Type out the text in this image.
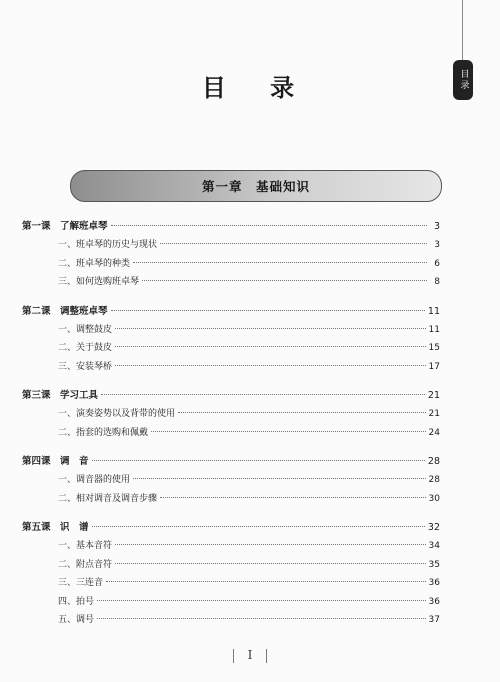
目录
目 录
第一章　基础知识
第一课　了解班卓琴	3
一、班卓琴的历史与现状	3
二、班卓琴的种类	6
三、如何选购班卓琴	8
第二课　调整班卓琴	11
一、调整鼓皮	11
二、关于鼓皮	15
三、安装琴桥	17
第三课　学习工具	21
一、演奏姿势以及背带的使用	21
二、指套的选购和佩戴	24
第四课　调　音	28
一、调音器的使用	28
二、相对调音及调音步骤	30
第五课　识　谱	32
一、基本音符	34
二、附点音符	35
三、三连音	36
四、拍号	36
五、调号	37
I
